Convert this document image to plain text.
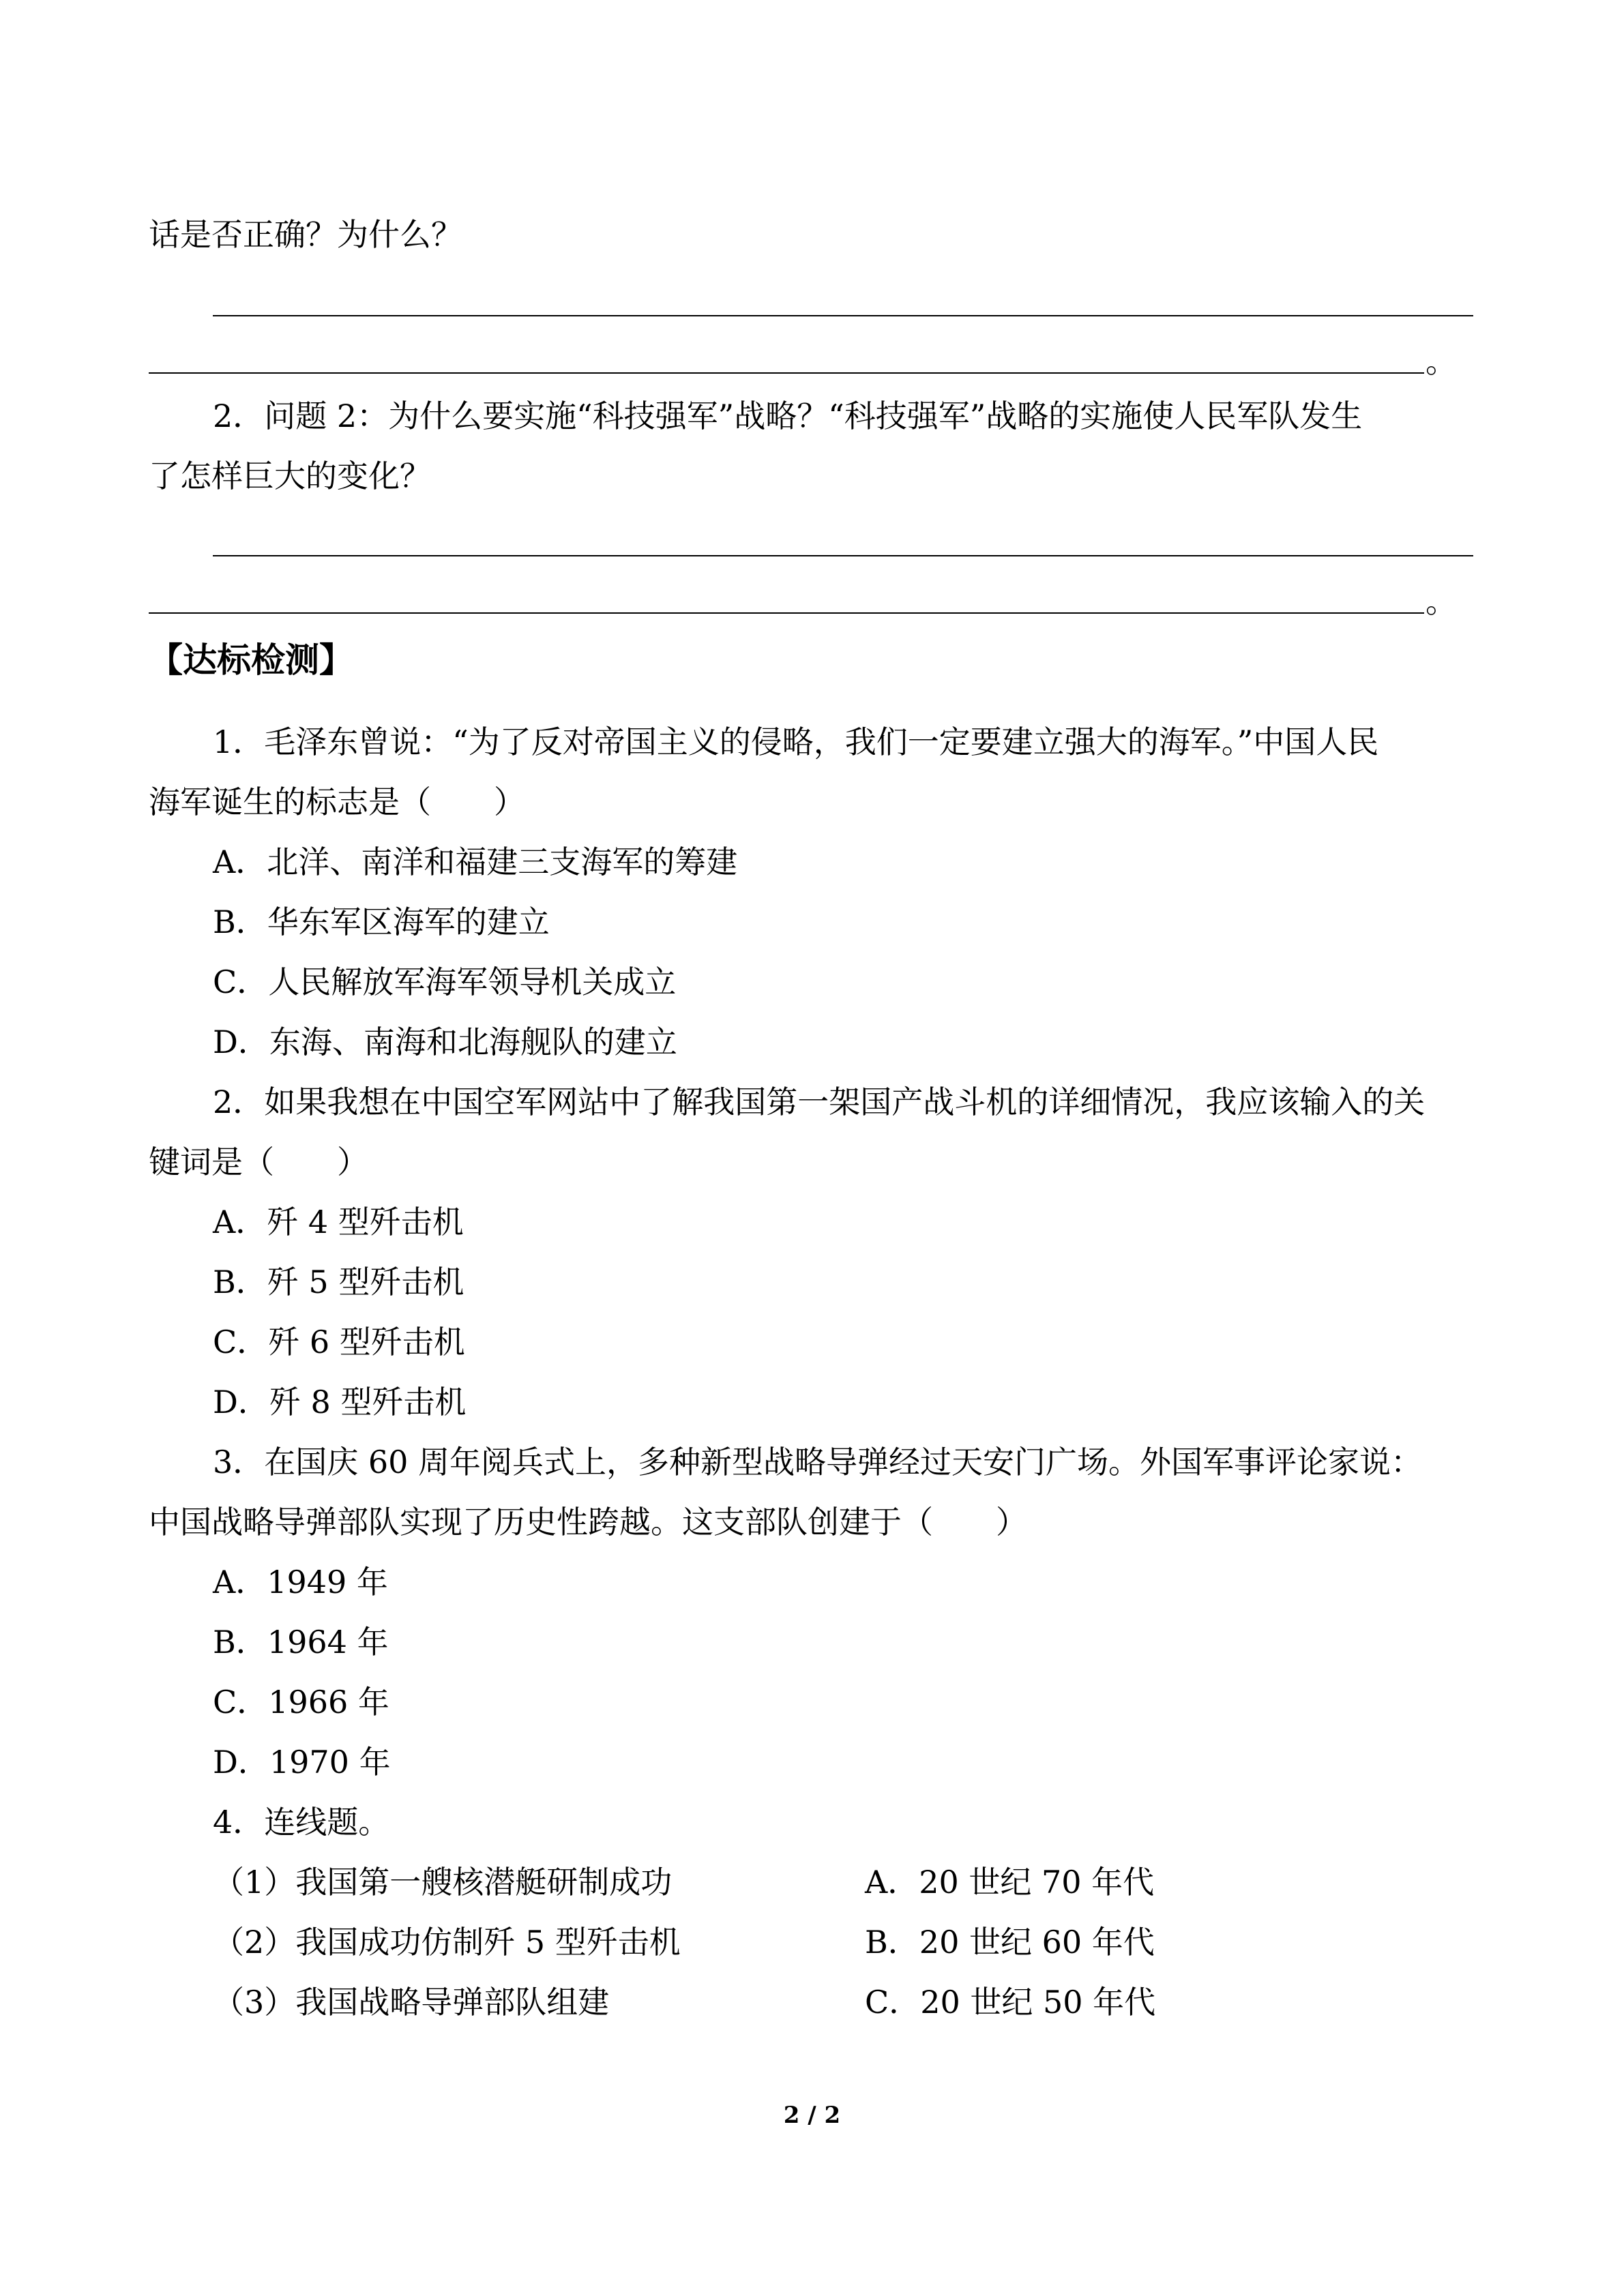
话是否正确？为什么？
。
2．问题 2：为什么要实施“科技强军”战略？“科技强军”战略的实施使人民军队发生
了怎样巨大的变化？
。
【达标检测】
1．毛泽东曾说：“为了反对帝国主义的侵略，我们一定要建立强大的海军。”中国人民
海军诞生的标志是（　　）
A．北洋、南洋和福建三支海军的筹建
B．华东军区海军的建立
C．人民解放军海军领导机关成立
D．东海、南海和北海舰队的建立
2．如果我想在中国空军网站中了解我国第一架国产战斗机的详细情况，我应该输入的关
键词是（　　）
A．歼 4 型歼击机
B．歼 5 型歼击机
C．歼 6 型歼击机
D．歼 8 型歼击机
3．在国庆 60 周年阅兵式上，多种新型战略导弹经过天安门广场。外国军事评论家说：
中国战略导弹部队实现了历史性跨越。这支部队创建于（　　）
A．1949 年
B．1964 年
C．1966 年
D．1970 年
4．连线题。
（1）我国第一艘核潜艇研制成功	A．20 世纪 70 年代
（2）我国成功仿制歼 5 型歼击机	B．20 世纪 60 年代
（3）我国战略导弹部队组建	C．20 世纪 50 年代
2 / 2
